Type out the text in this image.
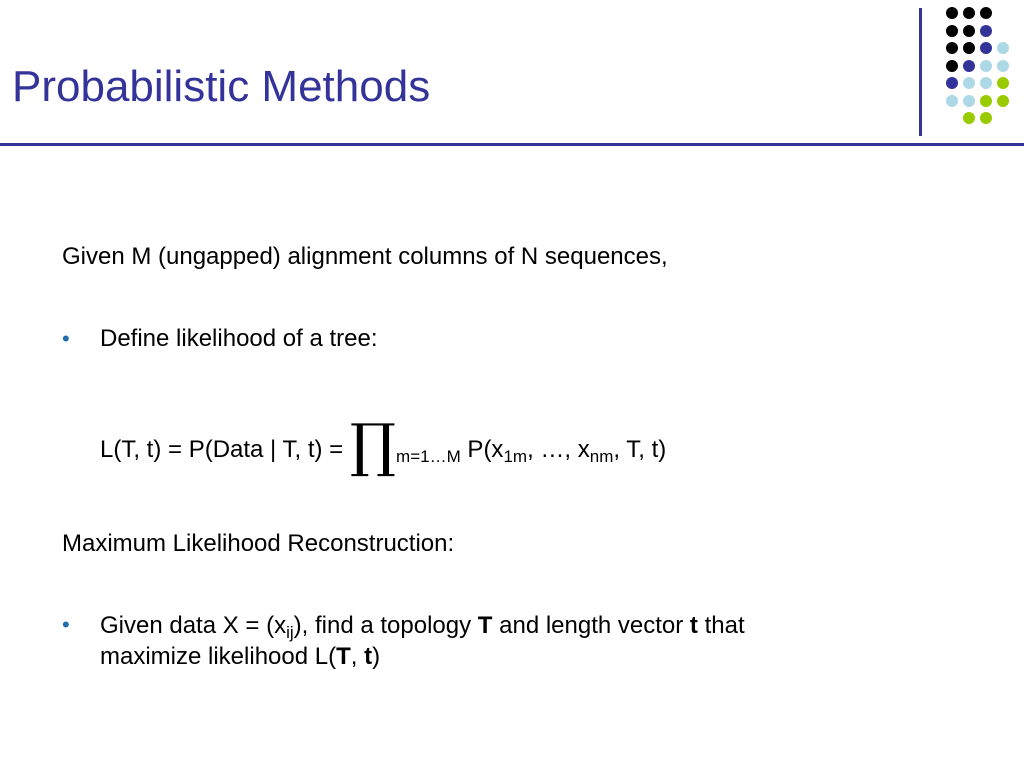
Probabilistic Methods
Given M (ungapped) alignment columns of N sequences,
• Define likelihood of a tree:
L(T, t) = P(Data | T, $t) = \prod_{m=1\dots M}$ $P(x_{1m}$, …, $x_{nm}$, T, t)
Maximum Likelihood Reconstruction:
• Given data $X = (x_{ij})$, find a topology T and length vector t that
maximize likelihood L(T, t)
